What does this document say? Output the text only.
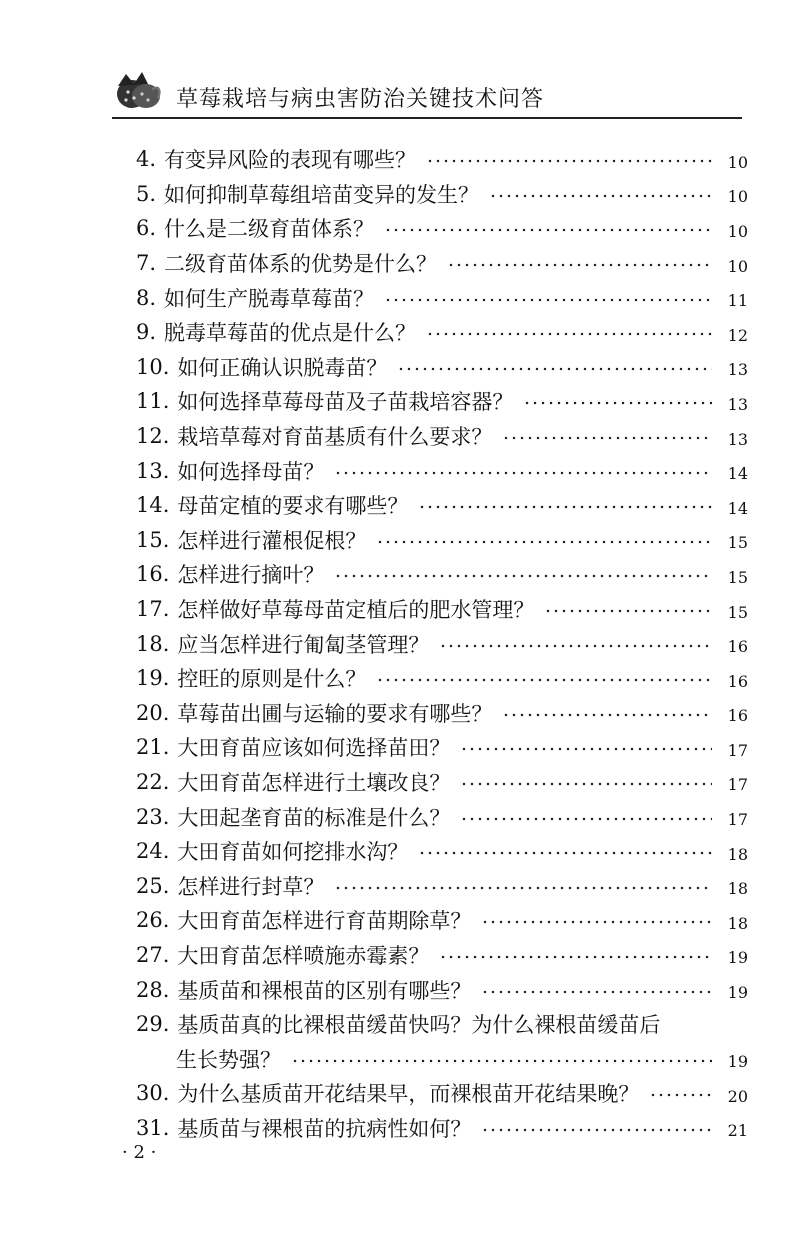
草莓栽培与病虫害防治关键技术问答
4. 有变异风险的表现有哪些？	10
5. 如何抑制草莓组培苗变异的发生？	10
6. 什么是二级育苗体系？	10
7. 二级育苗体系的优势是什么？	10
8. 如何生产脱毒草莓苗？	11
9. 脱毒草莓苗的优点是什么？	12
10. 如何正确认识脱毒苗？	13
11. 如何选择草莓母苗及子苗栽培容器？	13
12. 栽培草莓对育苗基质有什么要求？	13
13. 如何选择母苗？	14
14. 母苗定植的要求有哪些？	14
15. 怎样进行灌根促根？	15
16. 怎样进行摘叶？	15
17. 怎样做好草莓母苗定植后的肥水管理？	15
18. 应当怎样进行匍匐茎管理？	16
19. 控旺的原则是什么？	16
20. 草莓苗出圃与运输的要求有哪些？	16
21. 大田育苗应该如何选择苗田？	17
22. 大田育苗怎样进行土壤改良？	17
23. 大田起垄育苗的标准是什么？	17
24. 大田育苗如何挖排水沟？	18
25. 怎样进行封草？	18
26. 大田育苗怎样进行育苗期除草？	18
27. 大田育苗怎样喷施赤霉素？	19
28. 基质苗和裸根苗的区别有哪些？	19
29. 基质苗真的比裸根苗缓苗快吗？为什么裸根苗缓苗后
生长势强？	19
30. 为什么基质苗开花结果早，而裸根苗开花结果晚？	20
31. 基质苗与裸根苗的抗病性如何？	21
· 2 ·
